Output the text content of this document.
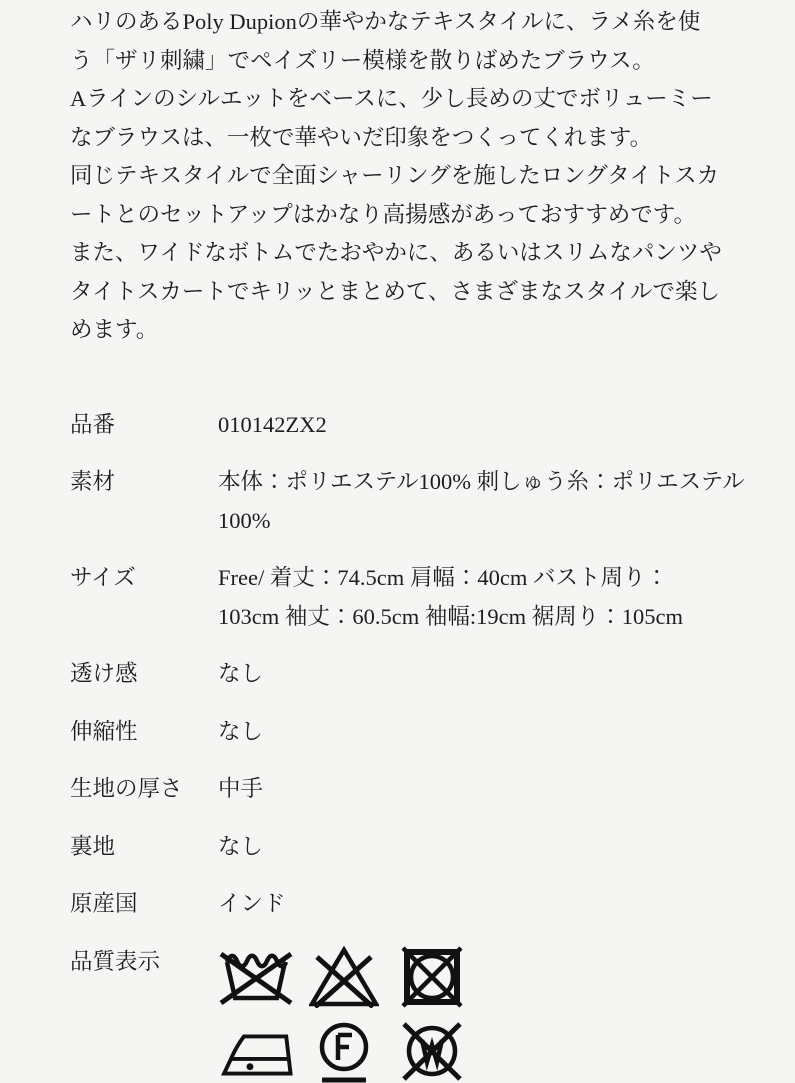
ハリのあるPoly Dupionの華やかなテキスタイルに、ラメ糸を使

う「ザリ刺繍」でペイズリー模様を散りばめたブラウス。

Aラインのシルエットをベースに、少し長めの丈でボリューミー

なブラウスは、一枚で華やいだ印象をつくってくれます。

同じテキスタイルで全面シャーリングを施したロングタイトスカ

ートとのセットアップはかなり高揚感があっておすすめです。

また、ワイドなボトムでたおやかに、あるいはスリムなパンツや

タイトスカートでキリッとまとめて、さまざまなスタイルで楽し

めます。

品番	010142ZX2
素材	本体：ポリエステル100% 刺しゅう糸：ポリエステル
100%
サイズ	Free/ 着丈：74.5cm 肩幅：40cm バスト周り：
103cm 袖丈：60.5cm 袖幅:19cm 裾周り：105cm
透け感	なし
伸縮性	なし
生地の厚さ	中手
裏地	なし
原産国	インド
品質表示
